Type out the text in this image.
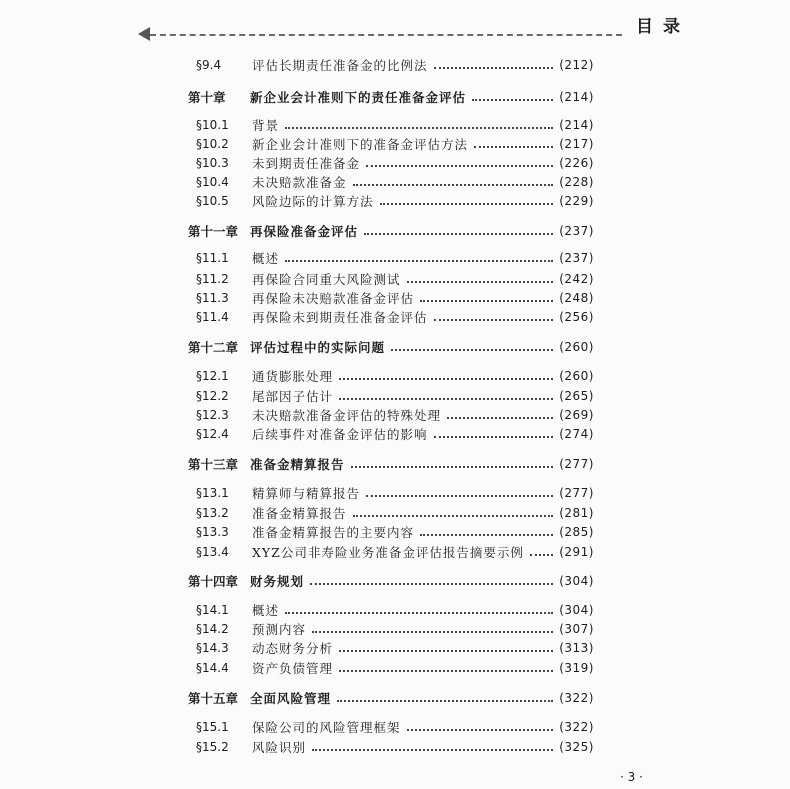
目录
§9.4	评估长期责任准备金的比例法	(212)
第十章	新企业会计准则下的责任准备金评估	(214)
§10.1	背景	(214)
§10.2	新企业会计准则下的准备金评估方法	(217)
§10.3	未到期责任准备金	(226)
§10.4	未决赔款准备金	(228)
§10.5	风险边际的计算方法	(229)
第十一章 再保险准备金评估	(237)
§11.1	概述	(237)
§11.2	再保险合同重大风险测试	(242)
§11.3	再保险未决赔款准备金评估	(248)
§11.4	再保险未到期责任准备金评估	(256)
第十二章 评估过程中的实际问题	(260)
§12.1	通货膨胀处理	(260)
§12.2	尾部因子估计	(265)
§12.3	未决赔款准备金评估的特殊处理	(269)
§12.4	后续事件对准备金评估的影响	(274)
第十三章 准备金精算报告	(277)
§13.1	精算师与精算报告	(277)
§13.2	准备金精算报告	(281)
§13.3	准备金精算报告的主要内容	(285)
§13.4	XYZ公司非寿险业务准备金评估报告摘要示例	(291)
第十四章 财务规划	(304)
§14.1	概述	(304)
§14.2	预测内容	(307)
§14.3	动态财务分析	(313)
§14.4	资产负债管理	(319)
第十五章 全面风险管理	(322)
§15.1	保险公司的风险管理框架	(322)
§15.2	风险识别	(325)
· 3 ·
